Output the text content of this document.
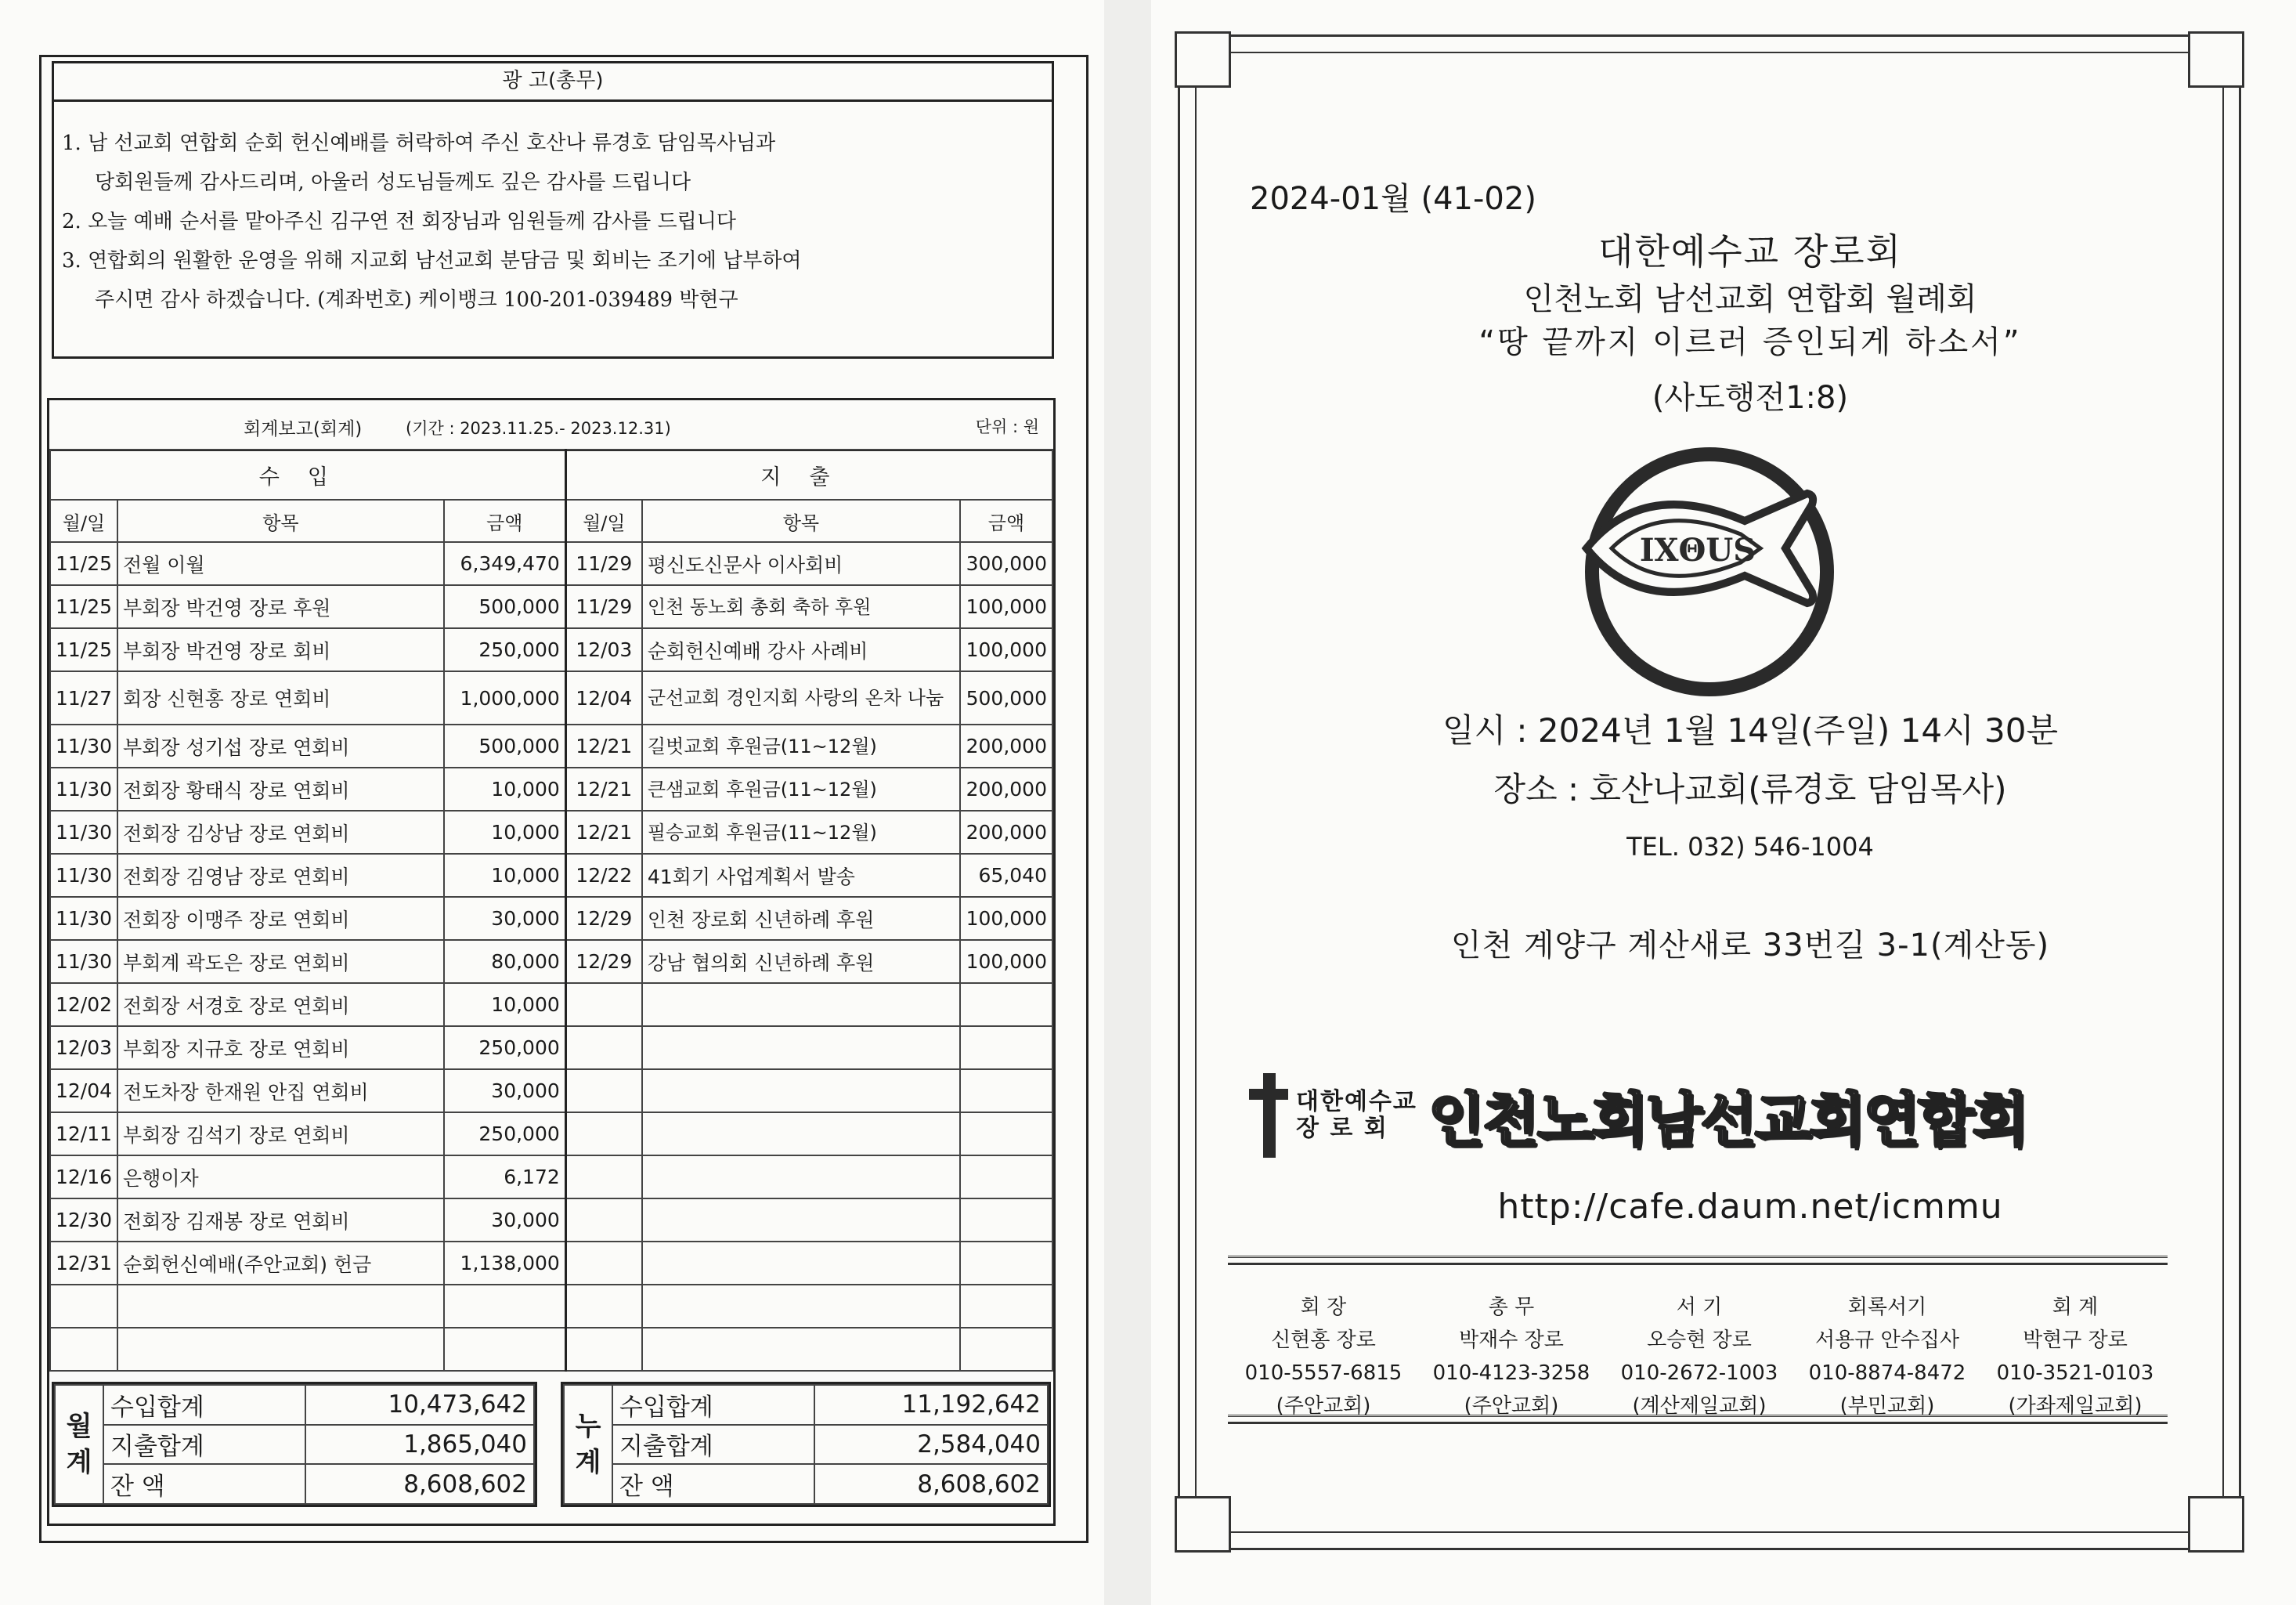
광 고(총무)
1. 남 선교회 연합회 순회 헌신예배를 허락하여 주신 호산나 류경호 담임목사님과
당회원들께 감사드리며, 아울러 성도님들께도 깊은 감사를 드립니다
2. 오늘 예배 순서를 맡아주신 김구연 전 회장님과 임원들께 감사를 드립니다
3. 연합회의 원활한 운영을 위해 지교회 남선교회 분담금 및 회비는 조기에 납부하여
주시면 감사 하겠습니다. (계좌번호) 케이뱅크 100-201-039489 박현구
회계보고(회계)	(기간 : 2023.11.25.- 2023.12.31)	단위 : 원
수입			지출		
월/일	항목	금액	월/일	항목	금액
11/25	전월 이월	6,349,470	11/29	평신도신문사 이사회비	300,000
11/25	부회장 박건영 장로 후원	500,000	11/29	인천 동노회 총회 축하 후원	100,000
11/25	부회장 박건영 장로 회비	250,000	12/03	순회헌신예배 강사 사례비	100,000
11/27	회장 신현홍 장로 연회비	1,000,000	12/04	군선교회 경인지회 사랑의 온차 나눔	500,000
11/30	부회장 성기섭 장로 연회비	500,000	12/21	길벗교회 후원금(11~12월)	200,000
11/30	전회장 황태식 장로 연회비	10,000	12/21	큰샘교회 후원금(11~12월)	200,000
11/30	전회장 김상남 장로 연회비	10,000	12/21	필승교회 후원금(11~12월)	200,000
11/30	전회장 김영남 장로 연회비	10,000	12/22	41회기 사업계획서 발송	65,040
11/30	전회장 이맹주 장로 연회비	30,000	12/29	인천 장로회 신년하례 후원	100,000
11/30	부회계 곽도은 장로 연회비	80,000	12/29	강남 협의회 신년하례 후원	100,000
12/02	전회장 서경호 장로 연회비	10,000			
12/03	부회장 지규호 장로 연회비	250,000			
12/04	전도차장 한재원 안집 연회비	30,000			
12/11	부회장 김석기 장로 연회비	250,000			
12/16	은행이자	6,172			
12/30	전회장 김재봉 장로 연회비	30,000			
12/31	순회헌신예배(주안교회) 헌금	1,138,000			

월계	수입합계	10,473,642
	지출합계	1,865,040
	잔 액	8,608,602
누계	수입합계	11,192,642
	지출합계	2,584,040
	잔 액	8,608,602
2024-01월 (41-02)
대한예수교 장로회
인천노회 남선교회 연합회 월례회
“땅 끝까지 이르러 증인되게 하소서”
(사도행전1:8)
IXΘUS
일시 : 2024년 1월 14일(주일) 14시 30분
장소 : 호산나교회(류경호 담임목사)
TEL. 032) 546-1004
인천 계양구 계산새로 33번길 3-1(계산동)
대한예수교
장 로 회 인천노회남선교회연합회
http://cafe.daum.net/icmmu
회 장
신현홍 장로
010-5557-6815
(주안교회)
총 무
박재수 장로
010-4123-3258
(주안교회)
서 기
오승현 장로
010-2672-1003
(계산제일교회)
회록서기
서용규 안수집사
010-8874-8472
(부민교회)
회 계
박현구 장로
010-3521-0103
(가좌제일교회)
